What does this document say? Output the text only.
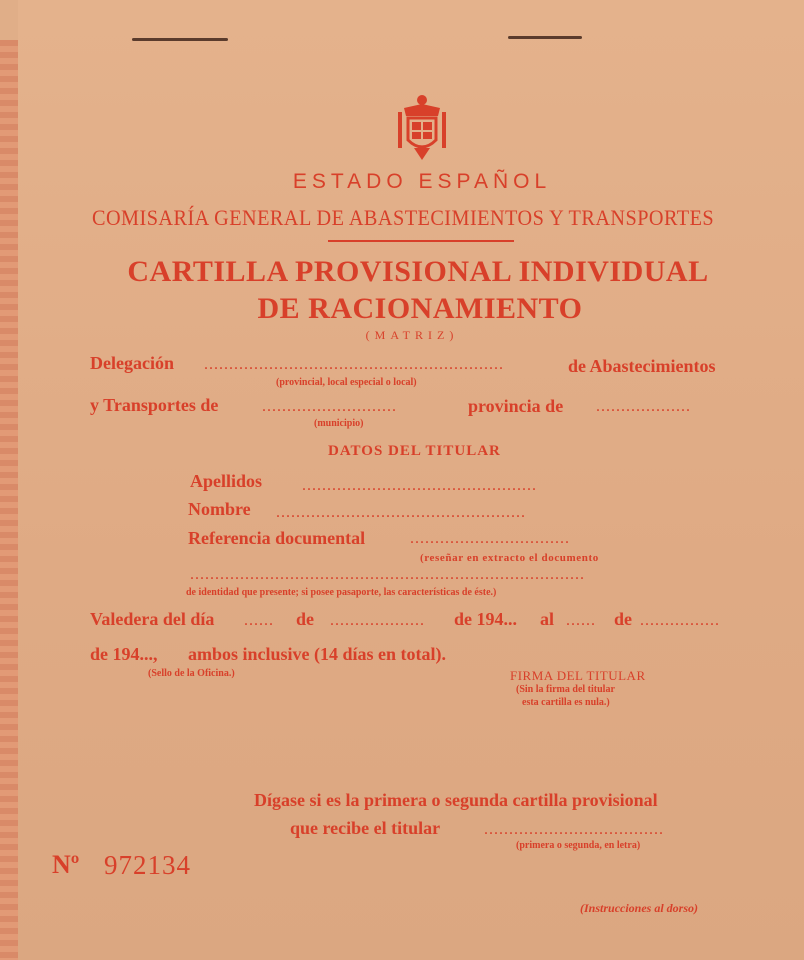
ESTADO ESPAÑOL
COMISARÍA GENERAL DE ABASTECIMIENTOS Y TRANSPORTES
CARTILLA PROVISIONAL INDIVIDUAL
DE RACIONAMIENTO
(MATRIZ)
Delegación ............................................................	de Abastecimientos
(provincial, local especial o local)
y Transportes de	...........................	provincia de ...................
(municipio)
DATOS DEL TITULAR
Apellidos ...............................................
Nombre ..................................................
Referencia documental	................................
(reseñar en extracto el documento
...............................................................................
de identidad que presente; si posee pasaporte, las características de éste.)
Valedera del día ...... de ...................	de 194... al ...... de ................
de 194..., ambos inclusive (14 días en total).
(Sello de la Oficina.)	FIRMA DEL TITULAR
(Sin la firma del titular
esta cartilla es nula.)
Dígase si es la primera o segunda cartilla provisional
que recibe el titular	....................................
(primera o segunda, en letra)
Nº 972134
(Instrucciones al dorso)
